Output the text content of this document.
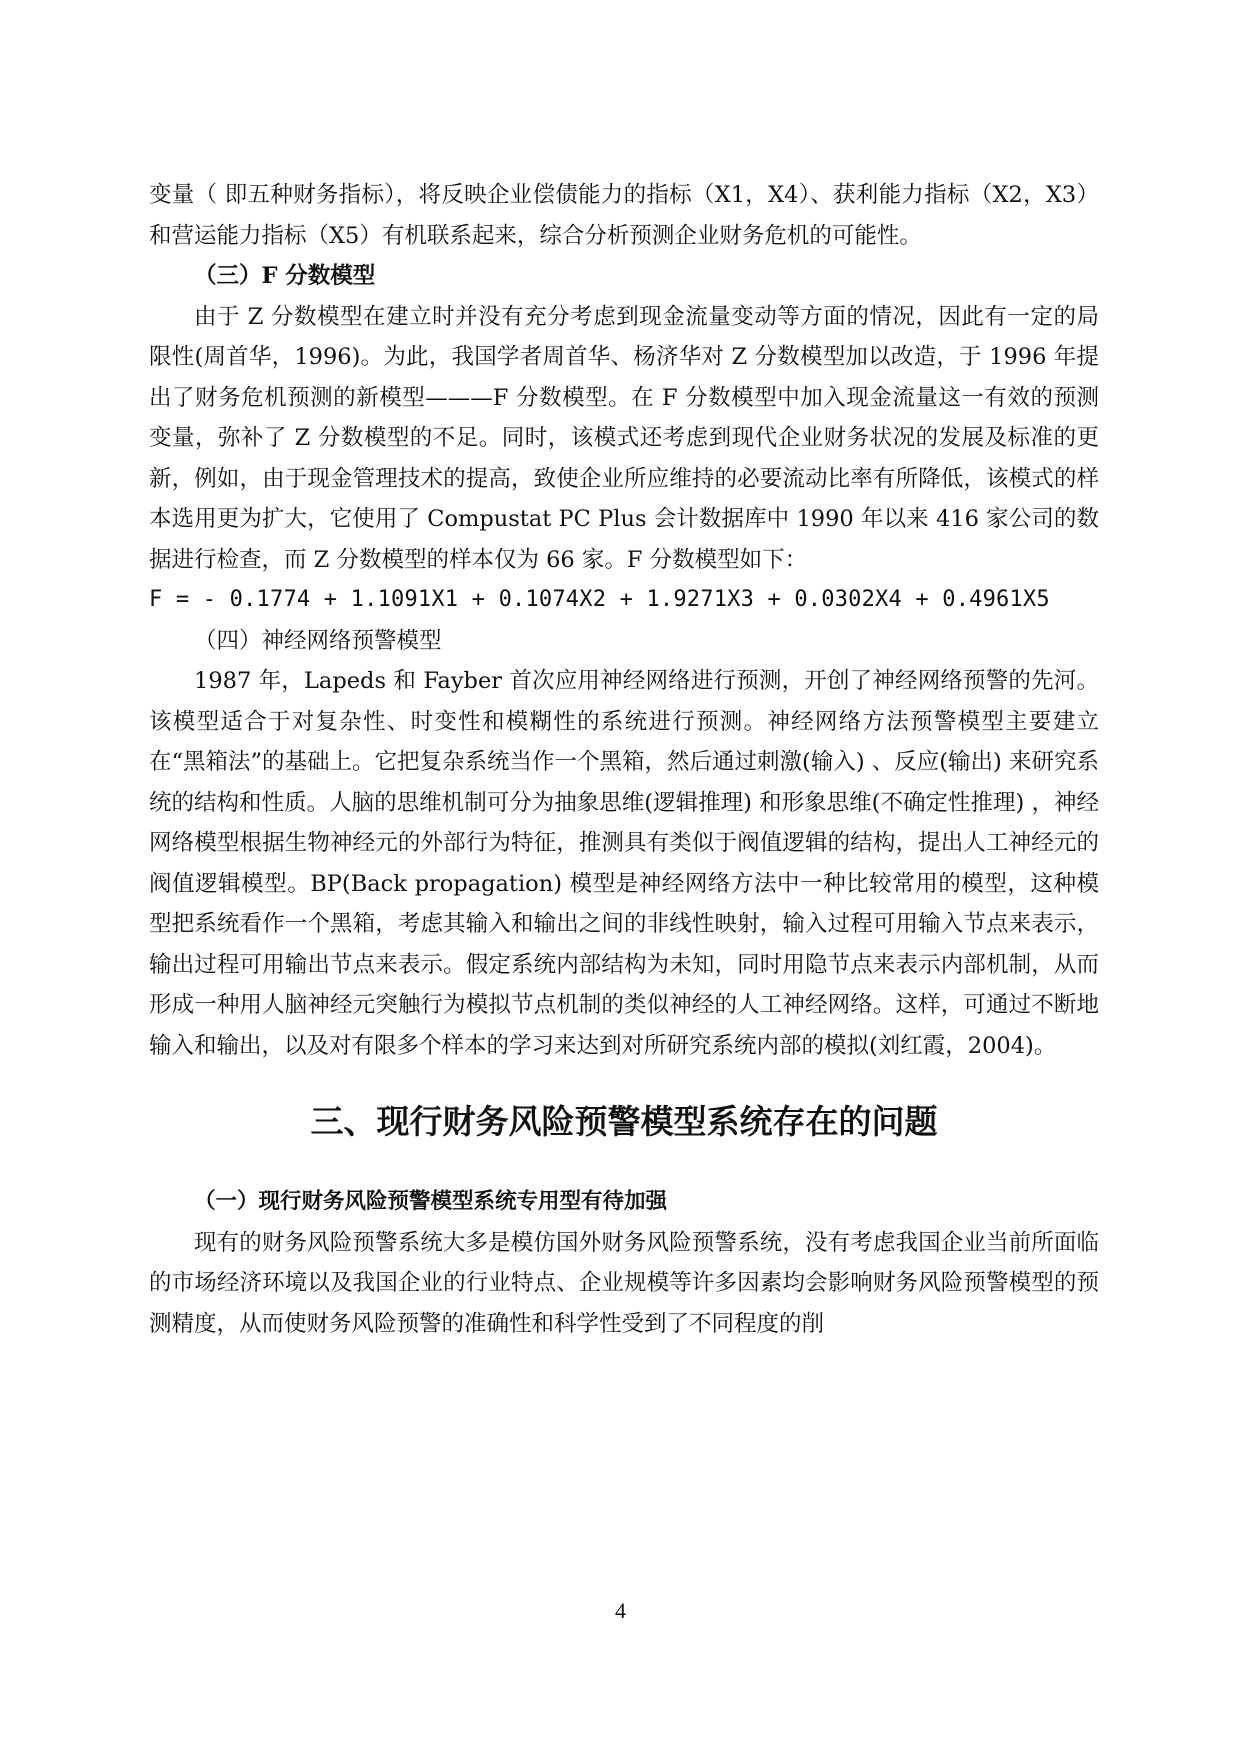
变量（ 即五种财务指标），将反映企业偿债能力的指标（X1，X4）、获利能力指标（X2，X3）和营运能力指标（X5）有机联系起来，综合分析预测企业财务危机的可能性。

（三）F 分数模型

由于 Z 分数模型在建立时并没有充分考虑到现金流量变动等方面的情况，因此有一定的局限性(周首华，1996)。为此，我国学者周首华、杨济华对 Z 分数模型加以改造，于 1996 年提出了财务危机预测的新模型———F 分数模型。在 F 分数模型中加入现金流量这一有效的预测变量，弥补了 Z 分数模型的不足。同时，该模式还考虑到现代企业财务状况的发展及标准的更新，例如，由于现金管理技术的提高，致使企业所应维持的必要流动比率有所降低，该模式的样本选用更为扩大，它使用了 Compustat PC Plus 会计数据库中 1990 年以来 416 家公司的数据进行检查，而 Z 分数模型的样本仅为 66 家。F 分数模型如下：

F = - 0.1774 + 1.1091X1 + 0.1074X2 + 1.9271X3 + 0.0302X4 + 0.4961X5

（四）神经网络预警模型

1987 年，Lapeds 和 Fayber 首次应用神经网络进行预测，开创了神经网络预警的先河。该模型适合于对复杂性、时变性和模糊性的系统进行预测。神经网络方法预警模型主要建立在“黑箱法”的基础上。它把复杂系统当作一个黑箱，然后通过刺激(输入) 、反应(输出) 来研究系统的结构和性质。人脑的思维机制可分为抽象思维(逻辑推理) 和形象思维(不确定性推理) ，神经网络模型根据生物神经元的外部行为特征，推测具有类似于阀值逻辑的结构，提出人工神经元的阀值逻辑模型。BP(Back propagation) 模型是神经网络方法中一种比较常用的模型，这种模型把系统看作一个黑箱，考虑其输入和输出之间的非线性映射，输入过程可用输入节点来表示，输出过程可用输出节点来表示。假定系统内部结构为未知，同时用隐节点来表示内部机制，从而形成一种用人脑神经元突触行为模拟节点机制的类似神经的人工神经网络。这样，可通过不断地输入和输出，以及对有限多个样本的学习来达到对所研究系统内部的模拟(刘红霞，2004)。

三、现行财务风险预警模型系统存在的问题

（一）现行财务风险预警模型系统专用型有待加强

现有的财务风险预警系统大多是模仿国外财务风险预警系统，没有考虑我国企业当前所面临的市场经济环境以及我国企业的行业特点、企业规模等许多因素均会影响财务风险预警模型的预测精度，从而使财务风险预警的准确性和科学性受到了不同程度的削

4
